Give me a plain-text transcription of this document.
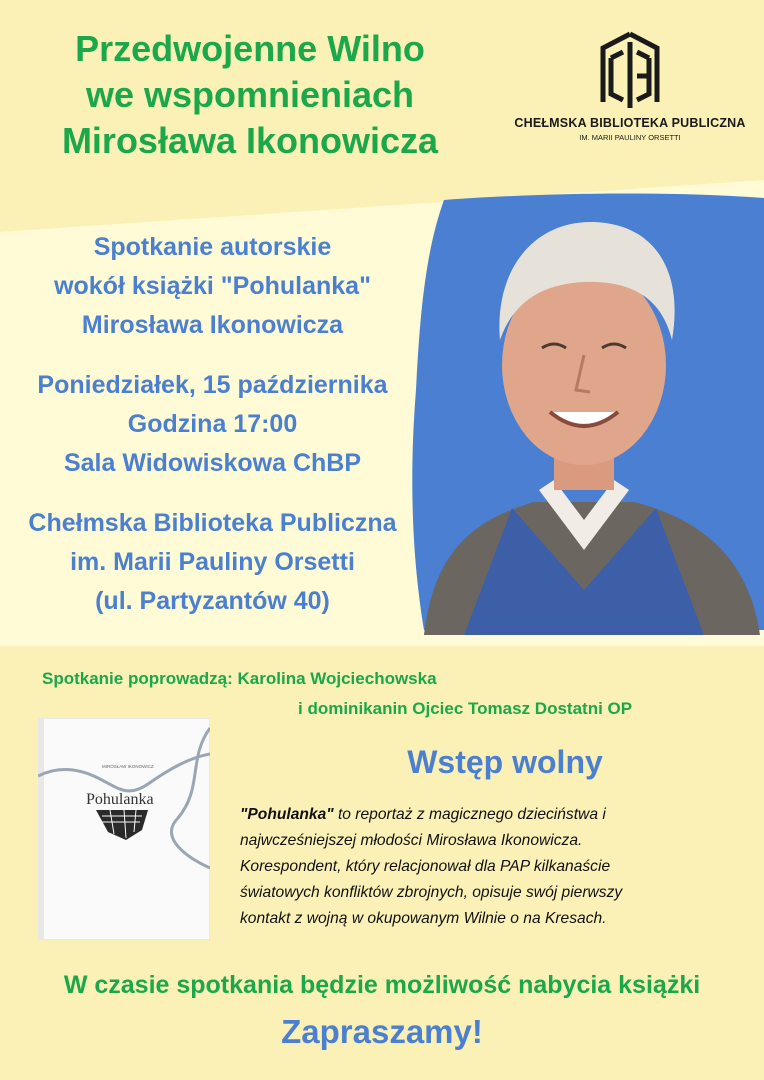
Przedwojenne Wilno
we wspomnieniach
Mirosława Ikonowicza	CHEŁMSKA BIBLIOTEKA PUBLICZNA
IM. MARII PAULINY ORSETTI
Spotkanie autorskie
wokół książki "Pohulanka"
Mirosława Ikonowicza
Poniedziałek, 15 października
Godzina 17:00
Sala Widowiskowa ChBP
Chełmska Biblioteka Publiczna
im. Marii Pauliny Orsetti
(ul. Partyzantów 40)
Spotkanie poprowadzą: Karolina Wojciechowska
i dominikanin Ojciec Tomasz Dostatni OP
MIROSŁAW IKONOWICZ
Pohulanka
Wstęp wolny
"Pohulanka" to reportaż z magicznego dzieciństwa i
najwcześniejszej młodości Mirosława Ikonowicza.
Korespondent, który relacjonował dla PAP kilkanaście
światowych konfliktów zbrojnych, opisuje swój pierwszy
kontakt z wojną w okupowanym Wilnie o na Kresach.
W czasie spotkania będzie możliwość nabycia książki
Zapraszamy!
